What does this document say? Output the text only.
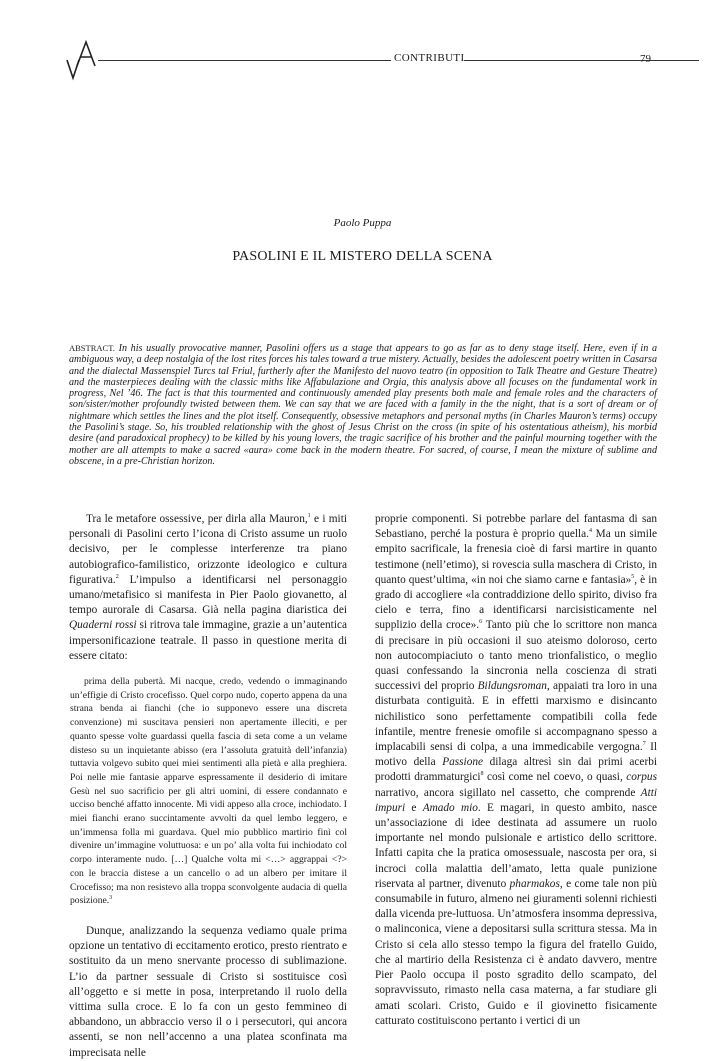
CONTRIBUTI	79
Paolo Puppa
PASOLINI E IL MISTERO DELLA SCENA
ABSTRACT. In his usually provocative manner, Pasolini offers us a stage that appears to go as far as to deny stage itself. Here, even if in a ambiguous way, a deep nostalgia of the lost rites forces his tales toward a true mistery. Actually, besides the adolescent poetry written in Casarsa and the dialectal Massenspiel Turcs tal Friul, furtherly after the Manifesto del nuovo teatro (in opposition to Talk Theatre and Gesture Theatre) and the masterpieces dealing with the classic miths like Affabulazione and Orgia, this analysis above all focuses on the fundamental work in progress, Nel ’46. The fact is that this tourmented and continuously amended play presents both male and female roles and the characters of son/sister/mother profoundly twisted between them. We can say that we are faced with a family in the the night, that is a sort of dream or of nightmare which settles the lines and the plot itself. Consequently, obsessive metaphors and personal myths (in Charles Mauron’s terms) occupy the Pasolini’s stage. So, his troubled relationship with the ghost of Jesus Christ on the cross (in spite of his ostentatious atheism), his morbid desire (and paradoxical prophecy) to be killed by his young lovers, the tragic sacrifice of his brother and the painful mourning together with the mother are all attempts to make a sacred «aura» come back in the modern theatre. For sacred, of course, I mean the mixture of sublime and obscene, in a pre-Christian horizon.

Tra le metafore ossessive, per dirla alla Mauron,$^1$ e i miti personali di Pasolini certo l’icona di Cristo assume un ruolo decisivo, per le complesse interferenze tra piano autobiografico-familistico, orizzonte ideologico e cultura figurativa.$^2$ L’impulso a identificarsi nel personaggio umano/metafisico si manifesta in Pier Paolo giovanetto, al tempo aurorale di Casarsa. Già nella pagina diaristica dei Quaderni rossi si ritrova tale immagine, grazie a un’autentica impersonificazione teatrale. Il passo in questione merita di essere citato:

prima della pubertà. Mi nacque, credo, vedendo o immaginando un’effigie di Cristo crocefisso. Quel corpo nudo, coperto appena da una strana benda ai fianchi (che io supponevo essere una discreta convenzione) mi suscitava pensieri non apertamente illeciti, e per quanto spesse volte guardassi quella fascia di seta come a un velame disteso su un inquietante abisso (era l’assoluta gratuità dell’infanzia) tuttavia volgevo subito quei miei sentimenti alla pietà e alla preghiera. Poi nelle mie fantasie apparve espressamente il desiderio di imitare Gesù nel suo sacrificio per gli altri uomini, di essere condannato e ucciso benché affatto innocente. Mi vidi appeso alla croce, inchiodato. I miei fianchi erano succintamente avvolti da quel lembo leggero, e un’immensa folla mi guardava. Quel mio pubblico martirio finì col divenire un’immagine voluttuosa: e un po’ alla volta fui inchiodato col corpo interamente nudo. […] Qualche volta mi <…> aggrappai <?> con le braccia distese a un cancello o ad un albero per imitare il Crocefisso; ma non resistevo alla troppa sconvolgente audacia di quella posizione.$^3$

Dunque, analizzando la sequenza vediamo quale prima opzione un tentativo di eccitamento erotico, presto rientrato e sostituito da un meno snervante processo di sublimazione. L’io da partner sessuale di Cristo si sostituisce così all’oggetto e si mette in posa, interpretando il ruolo della vittima sulla croce. E lo fa con un gesto femmineo di abbandono, un abbraccio verso il o i persecutori, qui ancora assenti, se non nell’accenno a una platea sconfinata ma imprecisata nelle

proprie componenti. Si potrebbe parlare del fantasma di san Sebastiano, perché la postura è proprio quella.$^4$ Ma un simile empito sacrificale, la frenesia cioè di farsi martire in quanto testimone (nell’etimo), si rovescia sulla maschera di Cristo, in quanto quest’ultima, «in noi che siamo carne e fantasia»$^5$, è in grado di accogliere «la contraddizione dello spirito, diviso fra cielo e terra, fino a identificarsi narcisisticamente nel supplizio della croce».$^6$ Tanto più che lo scrittore non manca di precisare in più occasioni il suo ateismo doloroso, certo non autocompiaciuto o tanto meno trionfalistico, o meglio quasi confessando la sincronia nella coscienza di strati successivi del proprio Bildungsroman, appaiati tra loro in una disturbata contiguità. E in effetti marxismo e disincanto nichilistico sono perfettamente compatibili colla fede infantile, mentre frenesie omofile si accompagnano spesso a implacabili sensi di colpa, a una immedicabile vergogna.$^7$ Il motivo della Passione dilaga altresì sin dai primi acerbi prodotti drammaturgici$^8$ così come nel coevo, o quasi, corpus narrativo, ancora sigillato nel cassetto, che comprende Atti impuri e Amado mio. E magari, in questo ambito, nasce un’associazione di idee destinata ad assumere un ruolo importante nel mondo pulsionale e artistico dello scrittore. Infatti capita che la pratica omosessuale, nascosta per ora, si incroci colla malattia dell’amato, letta quale punizione riservata al partner, divenuto pharmakos, e come tale non più consumabile in futuro, almeno nei giuramenti solenni richiesti dalla vicenda pre-luttuosa. Un’atmosfera insomma depressiva, o malinconica, viene a depositarsi sulla scrittura stessa. Ma in Cristo si cela allo stesso tempo la figura del fratello Guido, che al martirio della Resistenza ci è andato davvero, mentre Pier Paolo occupa il posto sgradito dello scampato, del sopravvissuto, rimasto nella casa materna, a far studiare gli amati scolari. Cristo, Guido e il giovinetto fisicamente catturato costituiscono pertanto i vertici di un
